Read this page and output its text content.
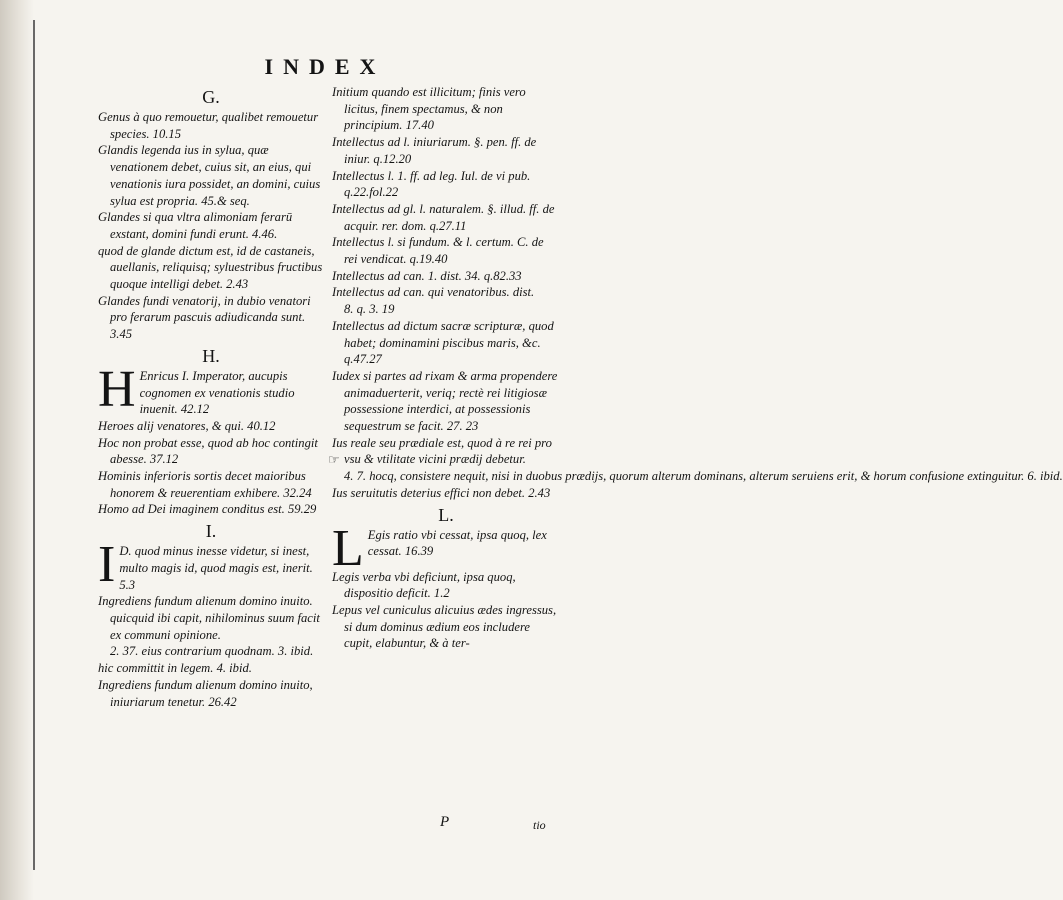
INDEX
G.

Genus à quo remouetur, qualibet remouetur species. 10.15

Glandis legenda ius in sylua, quæ venationem debet, cuius sit, an eius, qui venationis iura possidet, an domini, cuius sylua est propria. 45.& seq.

Glandes si qua vltra alimoniam ferarū exstant, domini fundi erunt. 4.46.

quod de glande dictum est, id de castaneis, auellanis, reliquisq; syluestribus fructibus quoque intelligi debet. 2.43

Glandes fundi venatorij, in dubio venatori pro ferarum pascuis adiudicanda sunt. 3.45

H.

H Enricus I. Imperator, aucupis cognomen ex venationis studio inuenit. 42.12

Heroes alij venatores, & qui. 40.12

Hoc non probat esse, quod ab hoc contingit abesse. 37.12

Hominis inferioris sortis decet maioribus honorem & reuerentiam exhibere. 32.24

Homo ad Dei imaginem conditus est. 59.29

I.

I D. quod minus inesse videtur, si inest, multo magis id, quod magis est, inerit. 5.3

Ingrediens fundum alienum domino inuito. quicquid ibi capit, nihilominus suum facit ex communi opinione. 2. 37. eius contrarium quodnam. 3. ibid.

hic committit in legem. 4. ibid.

Ingrediens fundum alienum domino inuito, iniuriarum tenetur. 26.42

Initium quando est illicitum; finis vero licitus, finem spectamus, & non principium. 17.40

Intellectus ad l. iniuriarum. §. pen. ff. de iniur. q.12.20

Intellectus l. 1. ff. ad leg. Iul. de vi pub. q.22.fol.22

Intellectus ad gl. l. naturalem. §. illud. ff. de acquir. rer. dom. q.27.11

Intellectus l. si fundum. & l. certum. C. de rei vendicat. q.19.40

Intellectus ad can. 1. dist. 34. q.82.33

Intellectus ad can. qui venatoribus. dist. 8. q. 3. 19

Intellectus ad dictum sacræ scripturæ, quod habet; dominamini piscibus maris, &c. q.47.27

Iudex si partes ad rixam & arma propendere animaduerterit, veriq; rectè rei litigiosæ possessione interdici, at possessionis sequestrum se facit. 27. 23

Ius reale seu prædiale est, quod à re rei pro vsu & vtilitate vicini prædij debetur. 4. 7. hocq, consistere nequit, nisi in duobus prædijs, quorum alterum dominans, alterum seruiens erit, & horum confusione extinguitur. 6. ibid.

Ius seruitutis deterius effici non debet. 2.43

L.

L Egis ratio vbi cessat, ipsa quoq, lex cessat. 16.39

Legis verba vbi deficiunt, ipsa quoq, dispositio deficit. 1.2

Lepus vel cuniculus alicuius ædes ingressus, si dum dominus ædium eos includere cupit, elabuntur, & à ter-

☞
P	tio
